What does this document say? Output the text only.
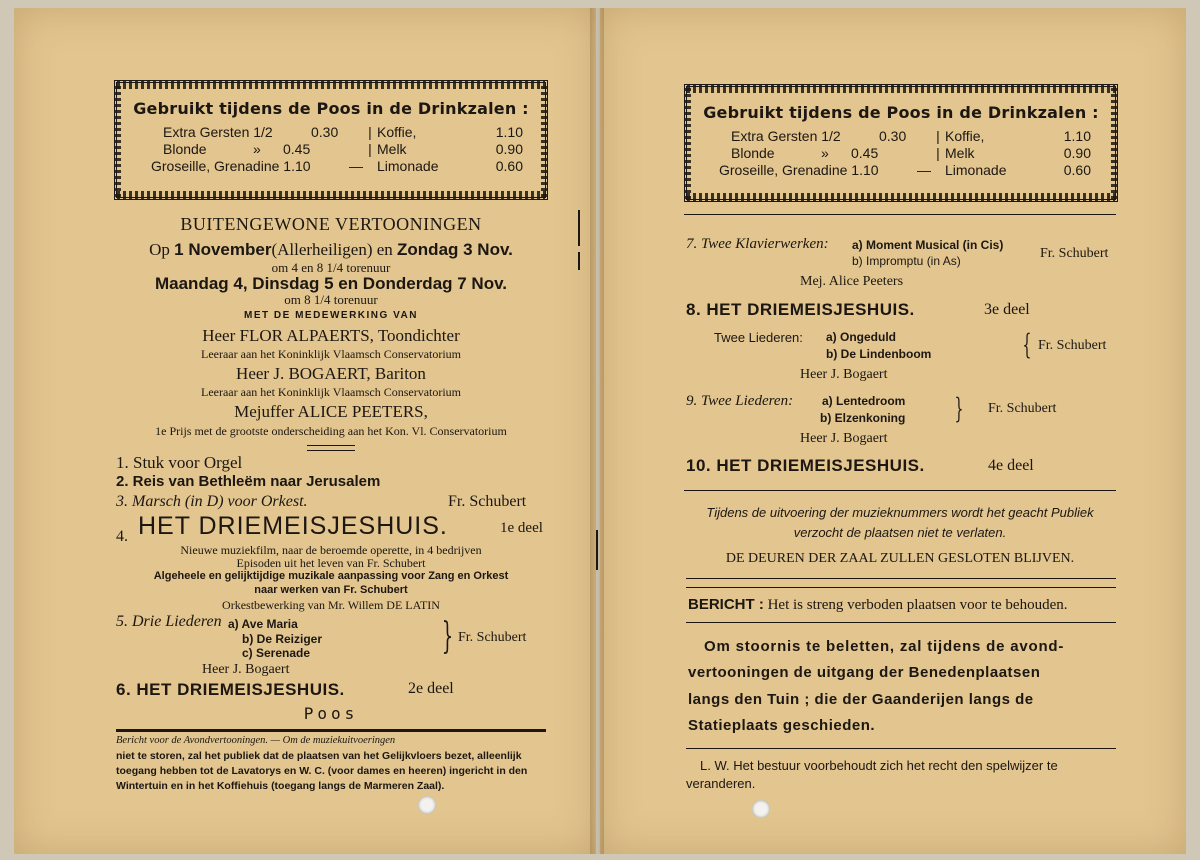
Gebruikt tijdens de Poos in de Drinkzalen :
Extra Gersten 1/2	0.30	| Koffie,	1.10
Blonde	»	0.45	| Melk	0.90
Groseille, Grenadine 1.10	—	Limonade	0.60
BUITENGEWONE VERTOONINGEN
Op 1 November(Allerheiligen) en Zondag 3 Nov.
om 4 en 8 1/4 torenuur
Maandag 4, Dinsdag 5 en Donderdag 7 Nov.
om 8 1/4 torenuur
MET DE MEDEWERKING VAN
Heer FLOR ALPAERTS, Toondichter
Leeraar aan het Koninklijk Vlaamsch Conservatorium
Heer J. BOGAERT, Bariton
Leeraar aan het Koninklijk Vlaamsch Conservatorium
Mejuffer ALICE PEETERS,
1e Prijs met de grootste onderscheiding aan het Kon. Vl. Conservatorium
1. Stuk voor Orgel
2. Reis van Bethleëm naar Jerusalem
3. Marsch (in D) voor Orkest.	Fr. Schubert
4. HET DRIEMEISJESHUIS.	1e deel
Nieuwe muziekfilm, naar de beroemde operette, in 4 bedrijven
Episoden uit het leven van Fr. Schubert
Algeheele en gelijktijdige muzikale aanpassing voor Zang en Orkest
naar werken van Fr. Schubert
Orkestbewerking van Mr. Willem DE LATIN
5. Drie Liederen a) Ave Maria
b) De Reiziger
c) Serenade	} Fr. Schubert
Heer J. Bogaert
6. HET DRIEMEISJESHUIS.	2e deel
Poos
Bericht voor de Avondvertooningen. — Om de muziekuitvoeringen
niet te storen, zal het publiek dat de plaatsen van het Gelijkvloers bezet, alleenlijk
toegang hebben tot de Lavatorys en W. C. (voor dames en heeren) ingericht in den
Wintertuin en in het Koffiehuis (toegang langs de Marmeren Zaal).
Gebruikt tijdens de Poos in de Drinkzalen :
Extra Gersten 1/2	0.30	| Koffie,	1.10
Blonde	»	0.45	| Melk	0.90
Groseille, Grenadine 1.10	—	Limonade	0.60
7. Twee Klavierwerken: a) Moment Musical (in Cis)
b) Impromptu (in As)	Fr. Schubert
Mej. Alice Peeters
8. HET DRIEMEISJESHUIS.	3e deel
Twee Liederen: a) Ongeduld
b) De Lindenboom	{ Fr. Schubert
Heer J. Bogaert
9. Twee Liederen: a) Lentedroom
b) Elzenkoning } Fr. Schubert
Heer J. Bogaert
10. HET DRIEMEISJESHUIS.	4e deel
Tijdens de uitvoering der muzieknummers wordt het geacht Publiek
verzocht de plaatsen niet te verlaten.
DE DEUREN DER ZAAL ZULLEN GESLOTEN BLIJVEN.
BERICHT : Het is streng verboden plaatsen voor te behouden.
Om stoornis te beletten, zal tijdens de avond-
vertooningen de uitgang der Benedenplaatsen
langs den Tuin ; die der Gaanderijen langs de
Statieplaats geschieden.
L. W. Het bestuur voorbehoudt zich het recht den spelwijzer te
veranderen.
